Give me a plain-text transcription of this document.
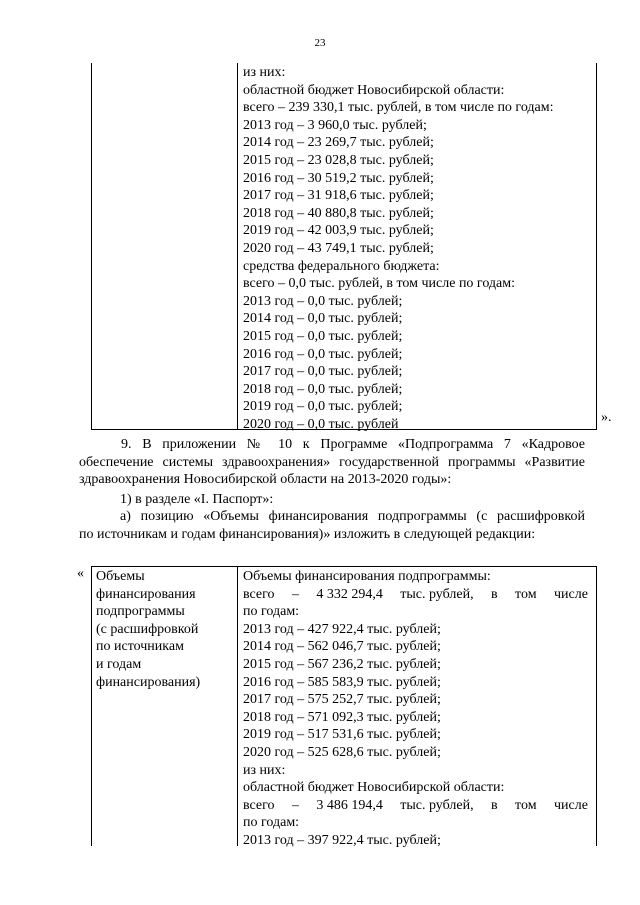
23
из них:
областной бюджет Новосибирской области:
всего – 239 330,1 тыс. рублей, в том числе по годам:
2013 год – 3 960,0 тыс. рублей;
2014 год – 23 269,7 тыс. рублей;
2015 год – 23 028,8 тыс. рублей;
2016 год – 30 519,2 тыс. рублей;
2017 год – 31 918,6 тыс. рублей;
2018 год – 40 880,8 тыс. рублей;
2019 год – 42 003,9 тыс. рублей;
2020 год – 43 749,1 тыс. рублей;
средства федерального бюджета:
всего – 0,0 тыс. рублей, в том числе по годам:
2013 год – 0,0 тыс. рублей;
2014 год – 0,0 тыс. рублей;
2015 год – 0,0 тыс. рублей;
2016 год – 0,0 тыс. рублей;
2017 год – 0,0 тыс. рублей;
2018 год – 0,0 тыс. рублей;
2019 год – 0,0 тыс. рублей;
2020 год – 0,0 тыс. рублей	».
9. В приложении № 10 к Программе «Подпрограмма 7 «Кадровое
обеспечение системы здравоохранения» государственной программы «Развитие
здравоохранения Новосибирской области на 2013-2020 годы»:
1) в разделе «I. Паспорт»:
а) позицию «Объемы финансирования подпрограммы (с расшифровкой
по источникам и годам финансирования)» изложить в следующей редакции:
« Объемы
финансирования
подпрограммы
(с расшифровкой
по источникам
и годам
финансирования)
Объемы финансирования подпрограммы:
всего – 4 332 294,4 тыс. рублей, в том числе
по годам:
2013 год – 427 922,4 тыс. рублей;
2014 год – 562 046,7 тыс. рублей;
2015 год – 567 236,2 тыс. рублей;
2016 год – 585 583,9 тыс. рублей;
2017 год – 575 252,7 тыс. рублей;
2018 год – 571 092,3 тыс. рублей;
2019 год – 517 531,6 тыс. рублей;
2020 год – 525 628,6 тыс. рублей;
из них:
областной бюджет Новосибирской области:
всего – 3 486 194,4 тыс. рублей, в том числе
по годам:
2013 год – 397 922,4 тыс. рублей;
